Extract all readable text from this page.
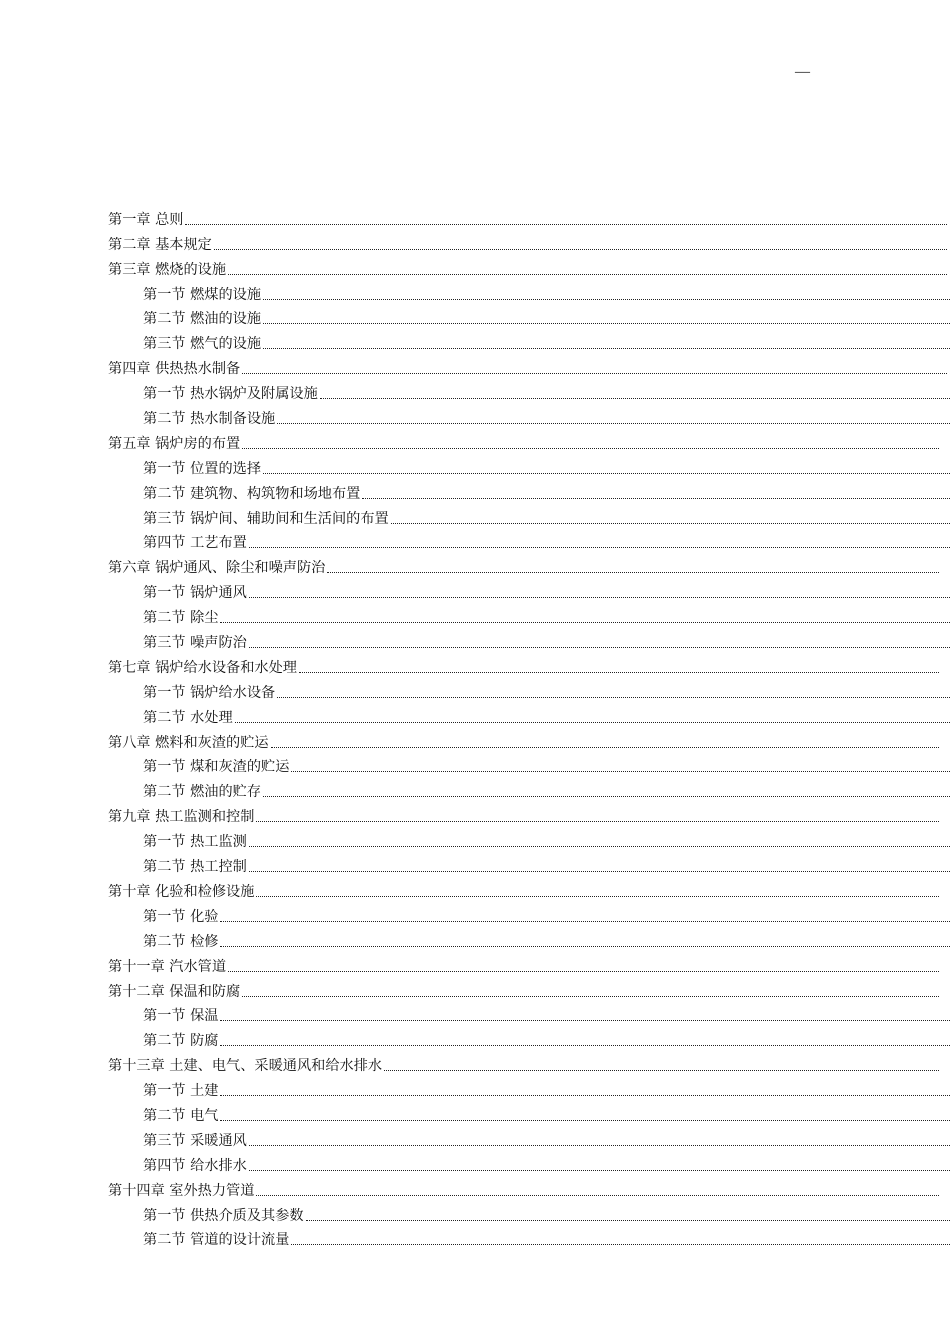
—
第一章 总则
第二章 基本规定
第三章 燃烧的设施
第一节 燃煤的设施
第二节 燃油的设施
第三节 燃气的设施
第四章 供热热水制备
第一节 热水锅炉及附属设施
第二节 热水制备设施
第五章 锅炉房的布置
第一节 位置的选择
第二节 建筑物、构筑物和场地布置
第三节 锅炉间、辅助间和生活间的布置
第四节 工艺布置
第六章 锅炉通风、除尘和噪声防治
第一节 锅炉通风
第二节 除尘
第三节 噪声防治
第七章 锅炉给水设备和水处理
第一节 锅炉给水设备
第二节 水处理
第八章 燃料和灰渣的贮运
第一节 煤和灰渣的贮运
第二节 燃油的贮存
第九章 热工监测和控制
第一节 热工监测
第二节 热工控制
第十章 化验和检修设施
第一节 化验
第二节 检修
第十一章 汽水管道
第十二章 保温和防腐
第一节 保温
第二节 防腐
第十三章 土建、电气、采暖通风和给水排水
第一节 土建
第二节 电气
第三节 采暖通风
第四节 给水排水
第十四章 室外热力管道
第一节 供热介质及其参数
第二节 管道的设计流量
